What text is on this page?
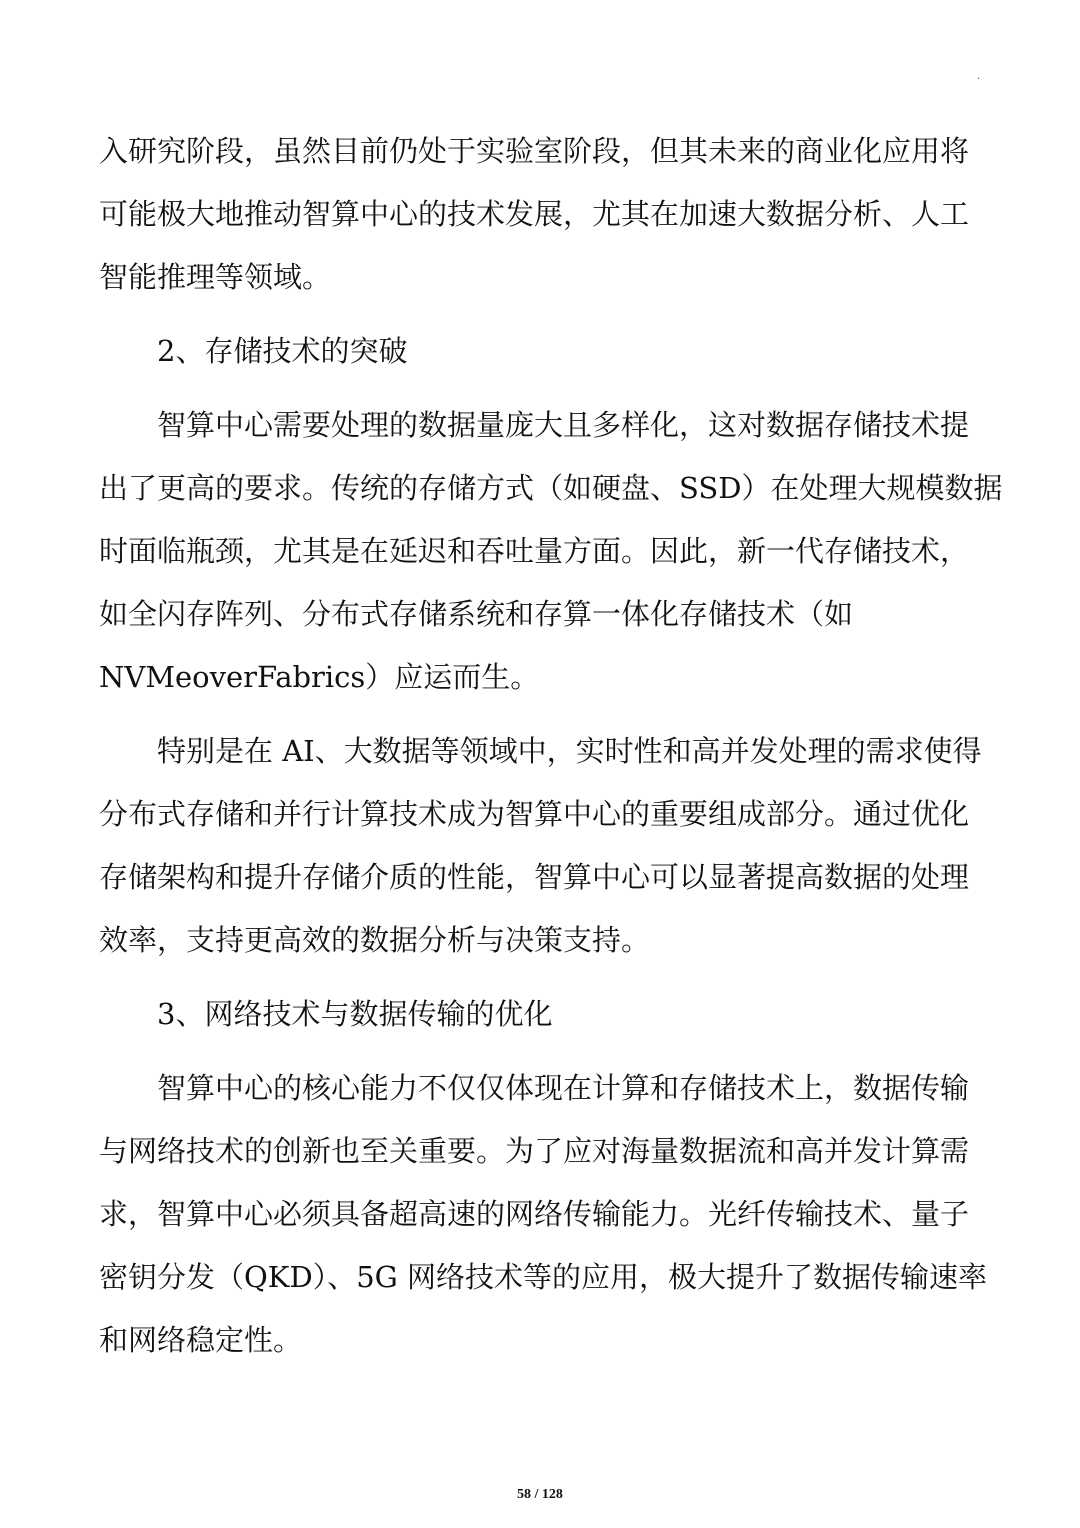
.
入研究阶段，虽然目前仍处于实验室阶段，但其未来的商业化应用将
可能极大地推动智算中心的技术发展，尤其在加速大数据分析、人工
智能推理等领域。
2、存储技术的突破
智算中心需要处理的数据量庞大且多样化，这对数据存储技术提
出了更高的要求。传统的存储方式（如硬盘、SSD）在处理大规模数据
时面临瓶颈，尤其是在延迟和吞吐量方面。因此，新一代存储技术，
如全闪存阵列、分布式存储系统和存算一体化存储技术（如
NVMeoverFabrics）应运而生。
特别是在 AI、大数据等领域中，实时性和高并发处理的需求使得
分布式存储和并行计算技术成为智算中心的重要组成部分。通过优化
存储架构和提升存储介质的性能，智算中心可以显著提高数据的处理
效率，支持更高效的数据分析与决策支持。
3、网络技术与数据传输的优化
智算中心的核心能力不仅仅体现在计算和存储技术上，数据传输
与网络技术的创新也至关重要。为了应对海量数据流和高并发计算需
求，智算中心必须具备超高速的网络传输能力。光纤传输技术、量子
密钥分发（QKD）、5G 网络技术等的应用，极大提升了数据传输速率
和网络稳定性。
58 / 128
